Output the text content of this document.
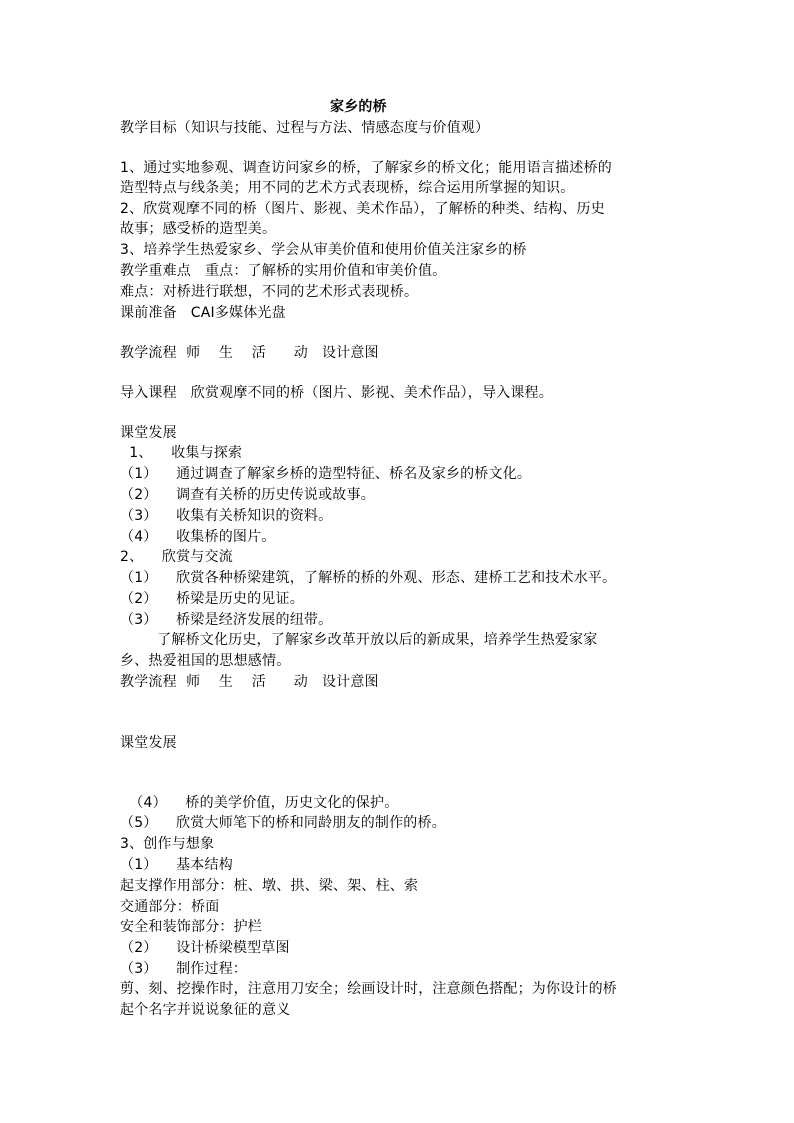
家乡的桥
教学目标（知识与技能、过程与方法、情感态度与价值观）
1、通过实地参观、调查访问家乡的桥，了解家乡的桥文化；能用语言描述桥的
造型特点与线条美；用不同的艺术方式表现桥，综合运用所掌握的知识。
2、欣赏观摩不同的桥（图片、影视、美术作品），了解桥的种类、结构、历史
故事；感受桥的造型美。
3、培养学生热爱家乡、学会从审美价值和使用价值关注家乡的桥
教学重难点   重点：了解桥的实用价值和审美价值。
难点：对桥进行联想，不同的艺术形式表现桥。
课前准备   CAI多媒体光盘
教学流程  师    生    活      动   设计意图
导入课程   欣赏观摩不同的桥（图片、影视、美术作品），导入课程。
课堂发展
1、    收集与探索
（1）    通过调查了解家乡桥的造型特征、桥名及家乡的桥文化。
（2）    调查有关桥的历史传说或故事。
（3）    收集有关桥知识的资料。
（4）    收集桥的图片。
2、    欣赏与交流
（1）    欣赏各种桥梁建筑，了解桥的桥的外观、形态、建桥工艺和技术水平。
（2）    桥梁是历史的见证。
（3）    桥梁是经济发展的纽带。
了解桥文化历史，了解家乡改革开放以后的新成果，培养学生热爱家家
乡、热爱祖国的思想感情。
教学流程  师    生    活      动   设计意图
课堂发展
（4）    桥的美学价值，历史文化的保护。
（5）    欣赏大师笔下的桥和同龄朋友的制作的桥。
3、创作与想象
（1）    基本结构
起支撑作用部分：桩、墩、拱、梁、架、柱、索
交通部分：桥面
安全和装饰部分：护栏
（2）    设计桥梁模型草图
（3）    制作过程：
剪、刻、挖操作时，注意用刀安全；绘画设计时，注意颜色搭配；为你设计的桥
起个名字并说说象征的意义
